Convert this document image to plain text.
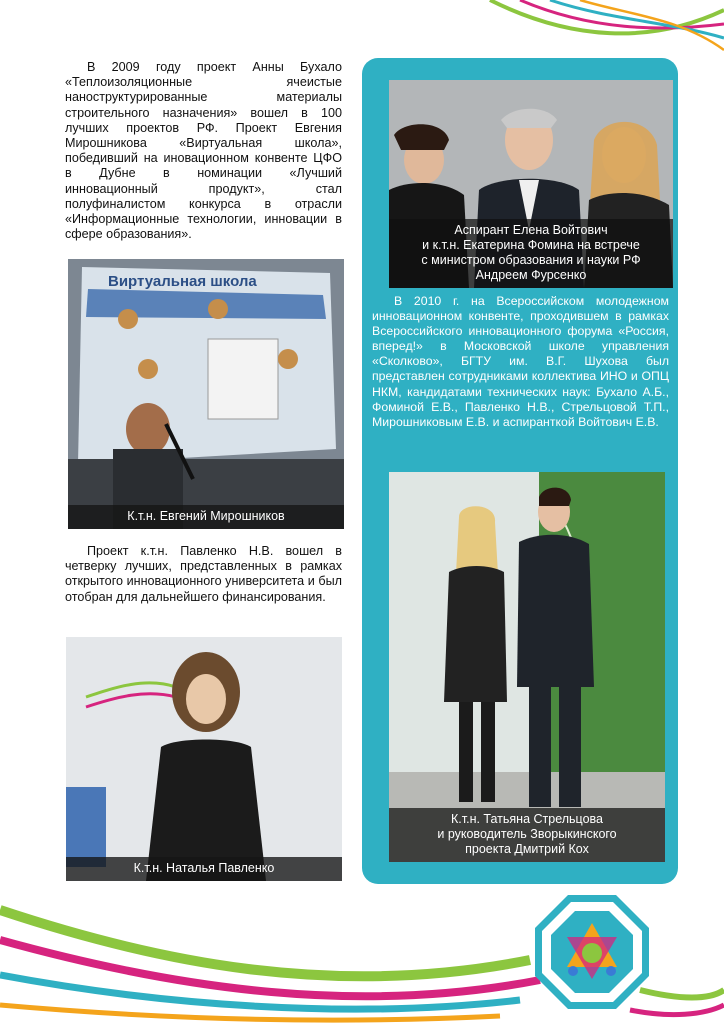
В 2009 году проект Анны Бухало «Теплоизоляционные ячеистые наноструктурированные материалы строительного назначения» вошел в 100 лучших проектов РФ. Проект Евгения Мирошникова «Виртуальная школа», победивший на иновационном конвенте ЦФО в Дубне в номинации «Лучший инновационный продукт», стал полуфиналистом конкурса в отрасли «Информационные технологии, инновации в сфере образования».

Виртуальная школа
К.т.н. Евгений Мирошников

Проект к.т.н. Павленко Н.В. вошел в четверку лучших, представленных в рамках открытого инновационного университета и был отобран для дальнейшего финансирования.

К.т.н. Наталья Павленко
Аспирант Елена Войтович
и к.т.н. Екатерина Фомина на встрече
с министром образования и науки РФ
Андреем Фурсенко

В 2010 г. на Всероссийском молодежном инновационном конвенте, проходившем в рамках Всероссийского инновационного форума «Россия, вперед!» в Московской школе управления «Сколково», БГТУ им. В.Г. Шухова был представлен сотрудниками коллектива ИНО и ОПЦ НКМ, кандидатами технических наук: Бухало А.Б., Фоминой Е.В., Павленко Н.В., Стрельцовой Т.П., Мирошниковым Е.В. и аспиранткой Войтович Е.В.

К.т.н. Татьяна Стрельцова
и руководитель Зворыкинского
проекта Дмитрий Кох
